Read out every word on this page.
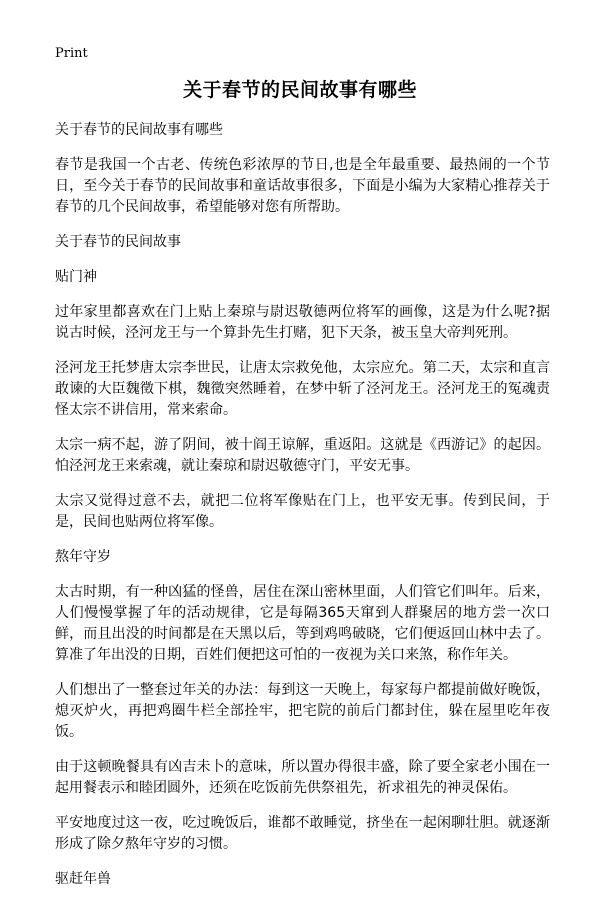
Print
关于春节的民间故事有哪些

关于春节的民间故事有哪些

春节是我国一个古老、传统色彩浓厚的节日,也是全年最重要、最热闹的一个节日，至今关于春节的民间故事和童话故事很多，下面是小编为大家精心推荐关于春节的几个民间故事，希望能够对您有所帮助。

关于春节的民间故事

贴门神

过年家里都喜欢在门上贴上秦琼与尉迟敬德两位将军的画像，这是为什么呢?据说古时候，泾河龙王与一个算卦先生打赌，犯下天条，被玉皇大帝判死刑。

泾河龙王托梦唐太宗李世民，让唐太宗救免他，太宗应允。第二天，太宗和直言敢谏的大臣魏徵下棋，魏徵突然睡着，在梦中斩了泾河龙王。泾河龙王的冤魂责怪太宗不讲信用，常来索命。

太宗一病不起，游了阴间，被十阎王谅解，重返阳。这就是《西游记》的起因。怕泾河龙王来索魂，就让秦琼和尉迟敬德守门，平安无事。

太宗又觉得过意不去，就把二位将军像贴在门上，也平安无事。传到民间，于是，民间也贴两位将军像。

熬年守岁

太古时期，有一种凶猛的怪兽，居住在深山密林里面，人们管它们叫年。后来，人们慢慢掌握了年的活动规律，它是每隔365天窜到人群聚居的地方尝一次口鲜，而且出没的时间都是在天黑以后，等到鸡鸣破晓，它们便返回山林中去了。算准了年出没的日期，百姓们便把这可怕的一夜视为关口来煞，称作年关。

人们想出了一整套过年关的办法：每到这一天晚上，每家每户都提前做好晚饭，熄灭炉火，再把鸡圈牛栏全部拴牢，把宅院的前后门都封住，躲在屋里吃年夜饭。

由于这顿晚餐具有凶吉未卜的意味，所以置办得很丰盛，除了要全家老小围在一起用餐表示和睦团圆外，还须在吃饭前先供祭祖先，祈求祖先的神灵保佑。

平安地度过这一夜，吃过晚饭后，谁都不敢睡觉，挤坐在一起闲聊壮胆。就逐渐形成了除夕熬年守岁的习惯。

驱赶年兽
